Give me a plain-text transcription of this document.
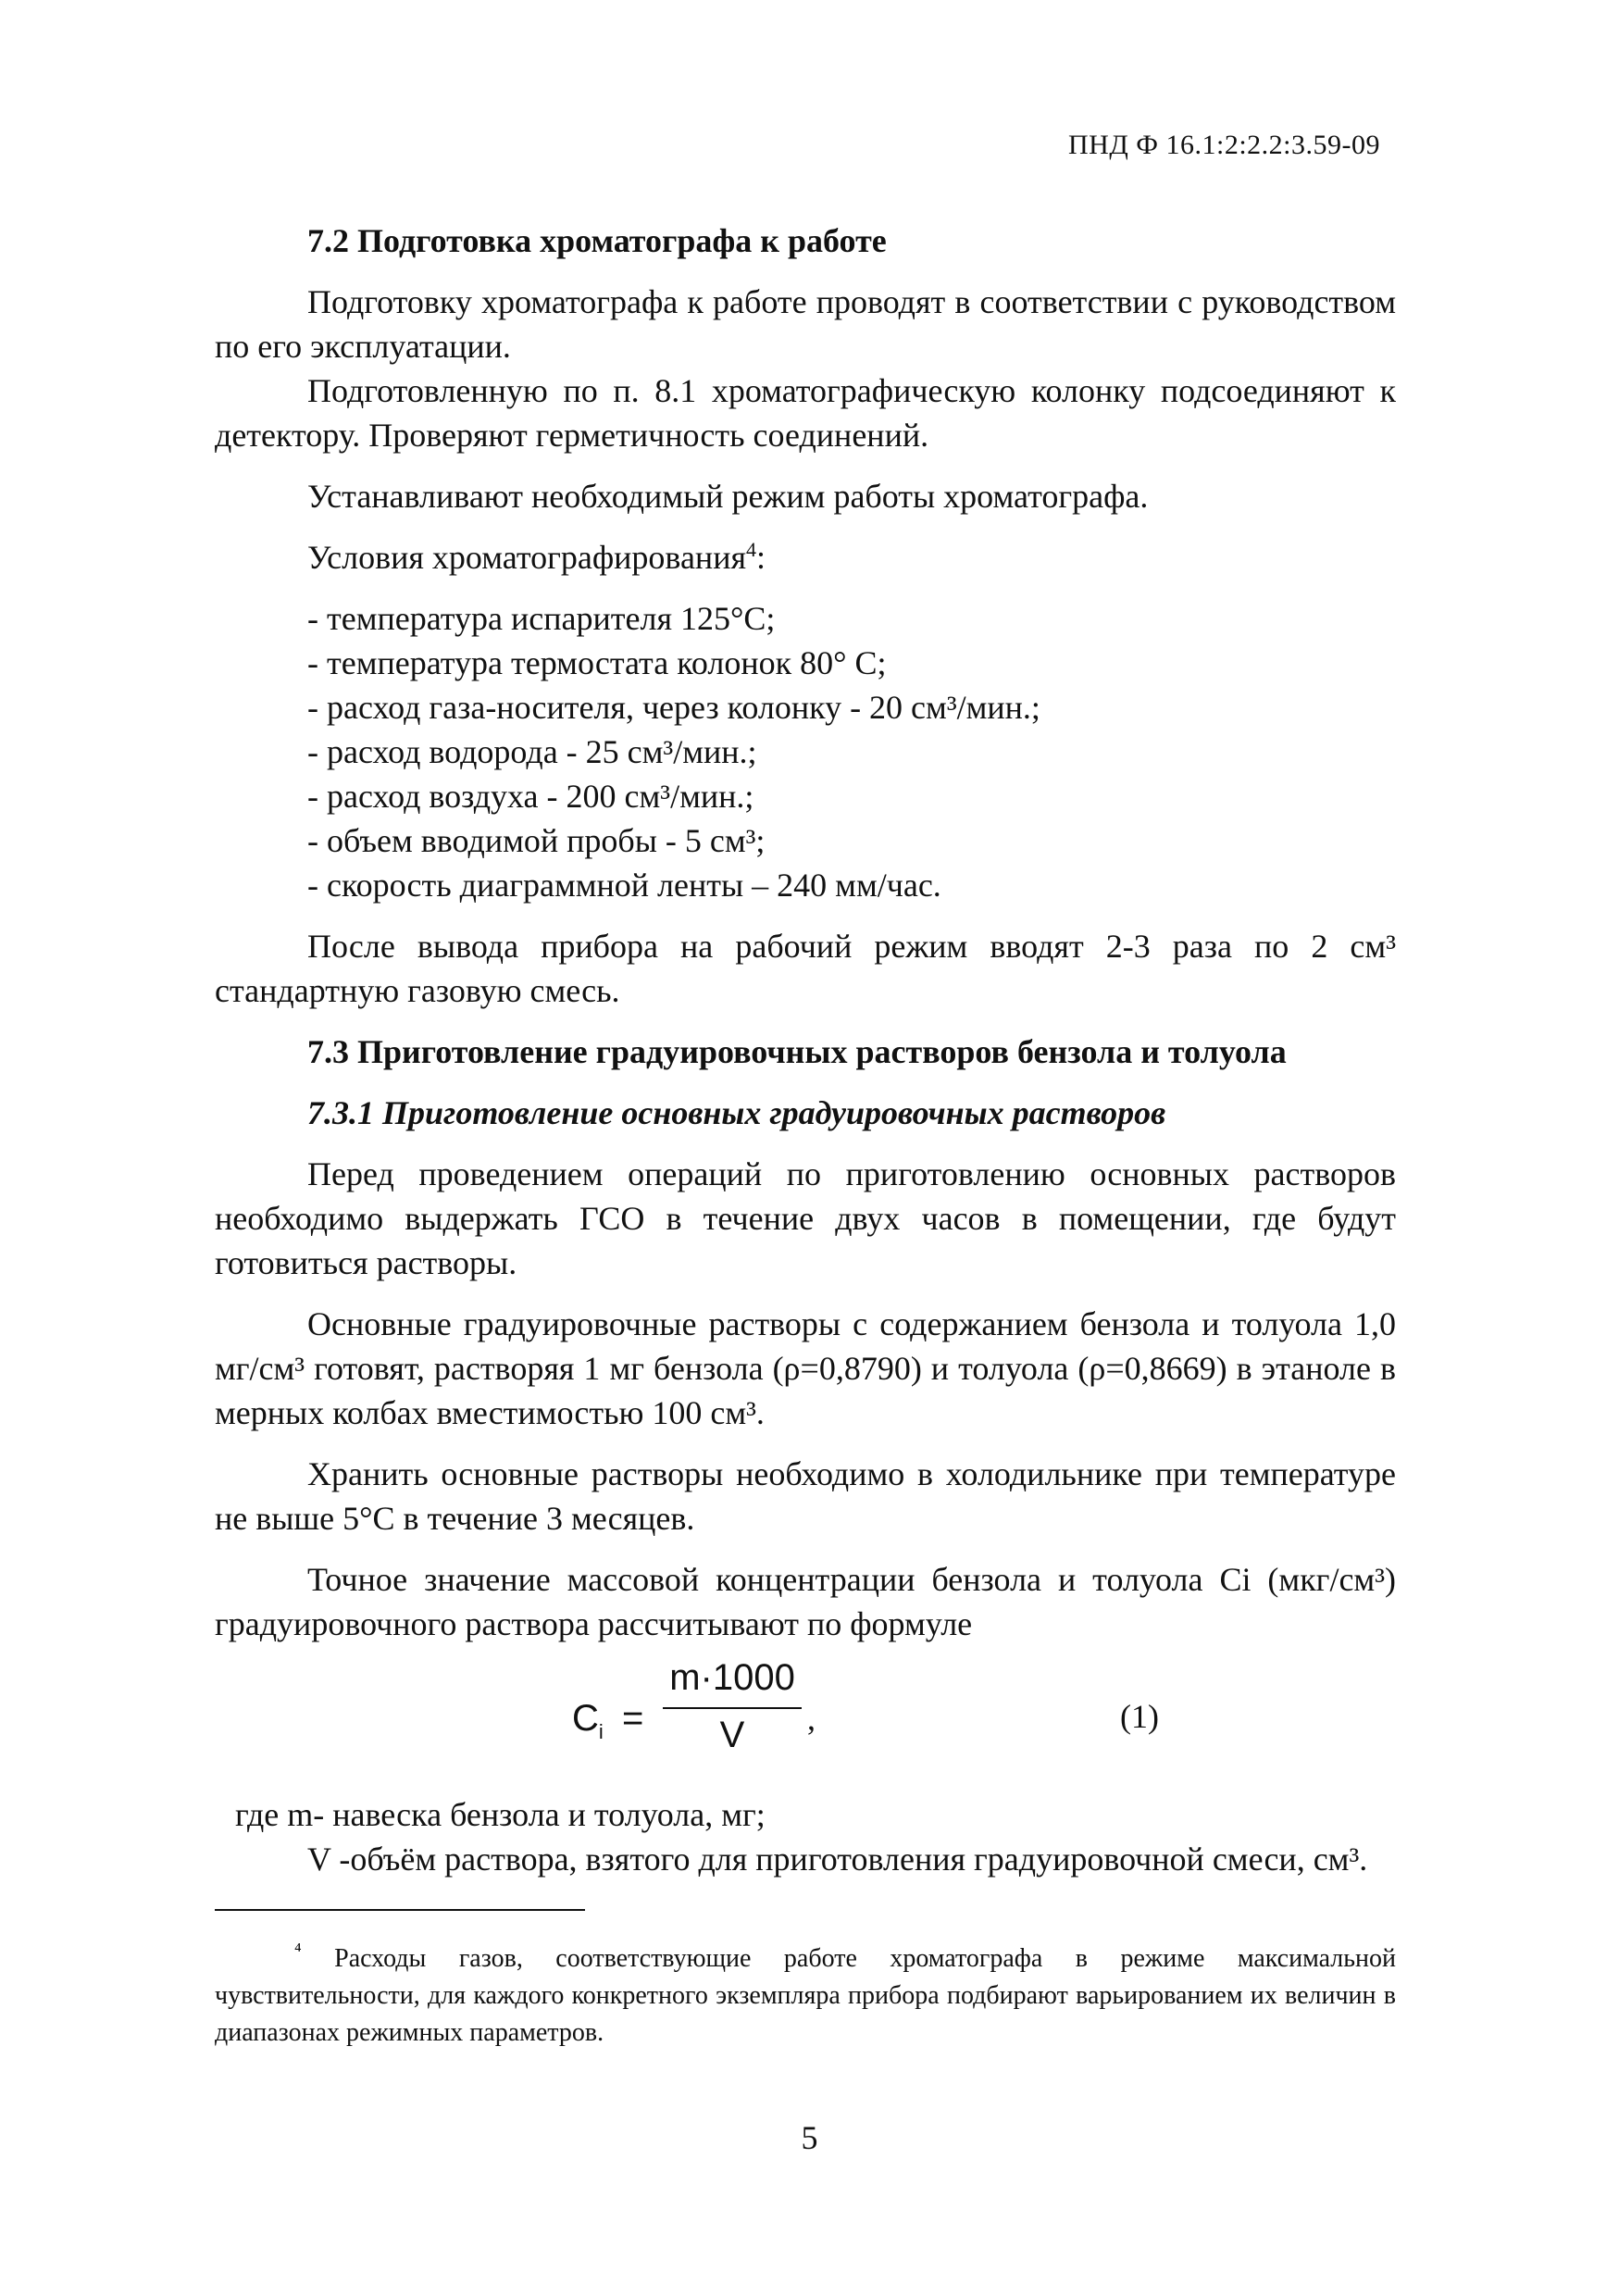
ПНД Ф 16.1:2:2.2:3.59-09

7.2 Подготовка хроматографа к работе

Подготовку хроматографа к работе проводят в соответствии с руководством по его эксплуатации.

Подготовленную по п. 8.1 хроматографическую колонку подсоединяют к детектору. Проверяют герметичность соединений.

Устанавливают необходимый режим работы хроматографа.

Условия хроматографирования$^4$:

- температура испарителя 125°С;

- температура термостата колонок 80° С;

- расход газа-носителя, через колонку - 20 см³/мин.;

- расход водорода - 25 см³/мин.;

- расход воздуха - 200 см³/мин.;

- объем вводимой пробы - 5 см³;

- скорость диаграммной ленты – 240 мм/час.

После вывода прибора на рабочий режим вводят 2-3 раза по 2 см³ стандартную газовую смесь.

7.3 Приготовление градуировочных растворов бензола и толуола

7.3.1 Приготовление основных градуировочных растворов

Перед проведением операций по приготовлению основных растворов необходимо выдержать ГСО в течение двух часов в помещении, где будут готовиться растворы.

Основные градуировочные растворы с содержанием бензола и толуола 1,0 мг/см³ готовят, растворяя 1 мг бензола (ρ=0,8790) и толуола (ρ=0,8669) в этаноле в мерных колбах вместимостью 100 см³.

Хранить основные растворы необходимо в холодильнике при температуре не выше 5°С в течение 3 месяцев.

Точное значение массовой концентрации бензола и толуола Сi (мкг/см³) градуировочного раствора рассчитывают по формуле

$C_i$ =
m·1000
V	,	(1)

где m- навеска бензола и толуола, мг;

V -объём раствора, взятого для приготовления градуировочной смеси, см³.

$^{^4}$ Расходы газов, соответствующие работе хроматографа в режиме максимальной чувствительности, для каждого конкретного экземпляра прибора подбирают варьированием их величин в диапазонах режимных параметров.

5
